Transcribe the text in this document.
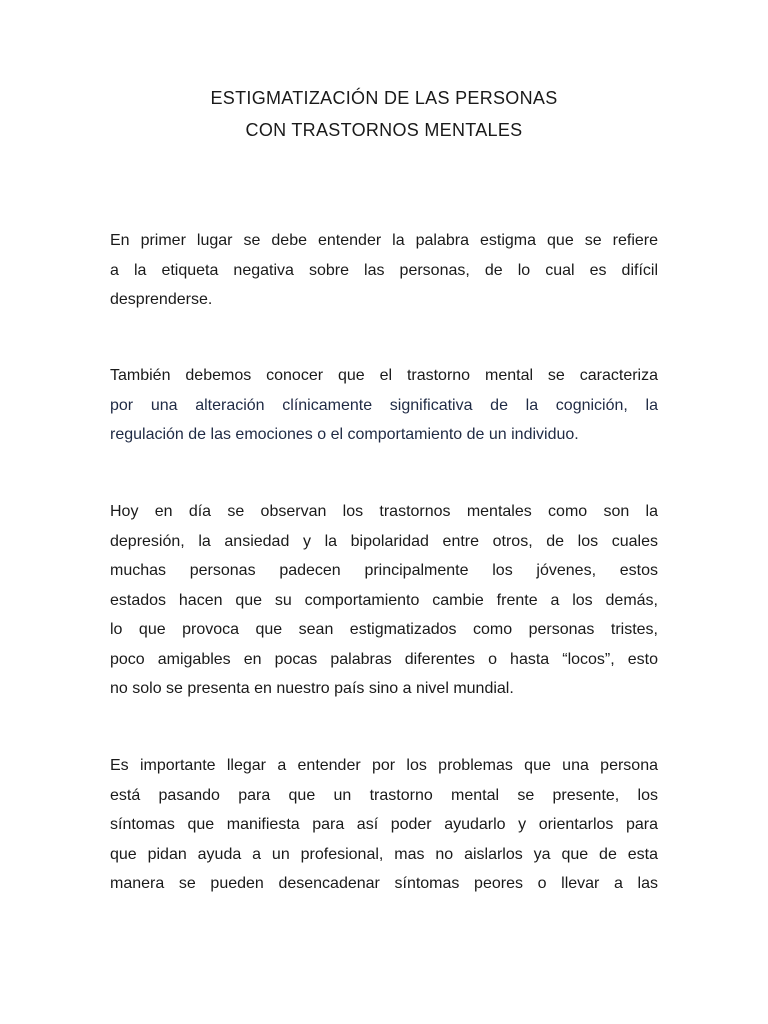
ESTIGMATIZACIÓN DE LAS PERSONAS
CON TRASTORNOS MENTALES

En primer lugar se debe entender la palabra estigma que se refiere
a la etiqueta negativa sobre las personas, de lo cual es difícil
desprenderse.

También debemos conocer que el trastorno mental se caracteriza
por una alteración clínicamente significativa de la cognición, la
regulación de las emociones o el comportamiento de un individuo.

Hoy en día se observan los trastornos mentales como son la
depresión, la ansiedad y la bipolaridad entre otros, de los cuales
muchas personas padecen principalmente los jóvenes, estos
estados hacen que su comportamiento cambie frente a los demás,
lo que provoca que sean estigmatizados como personas tristes,
poco amigables en pocas palabras diferentes o hasta “locos”, esto
no solo se presenta en nuestro país sino a nivel mundial.

Es importante llegar a entender por los problemas que una persona
está pasando para que un trastorno mental se presente, los
síntomas que manifiesta para así poder ayudarlo y orientarlos para
que pidan ayuda a un profesional, mas no aislarlos ya que de esta
manera se pueden desencadenar síntomas peores o llevar a las
